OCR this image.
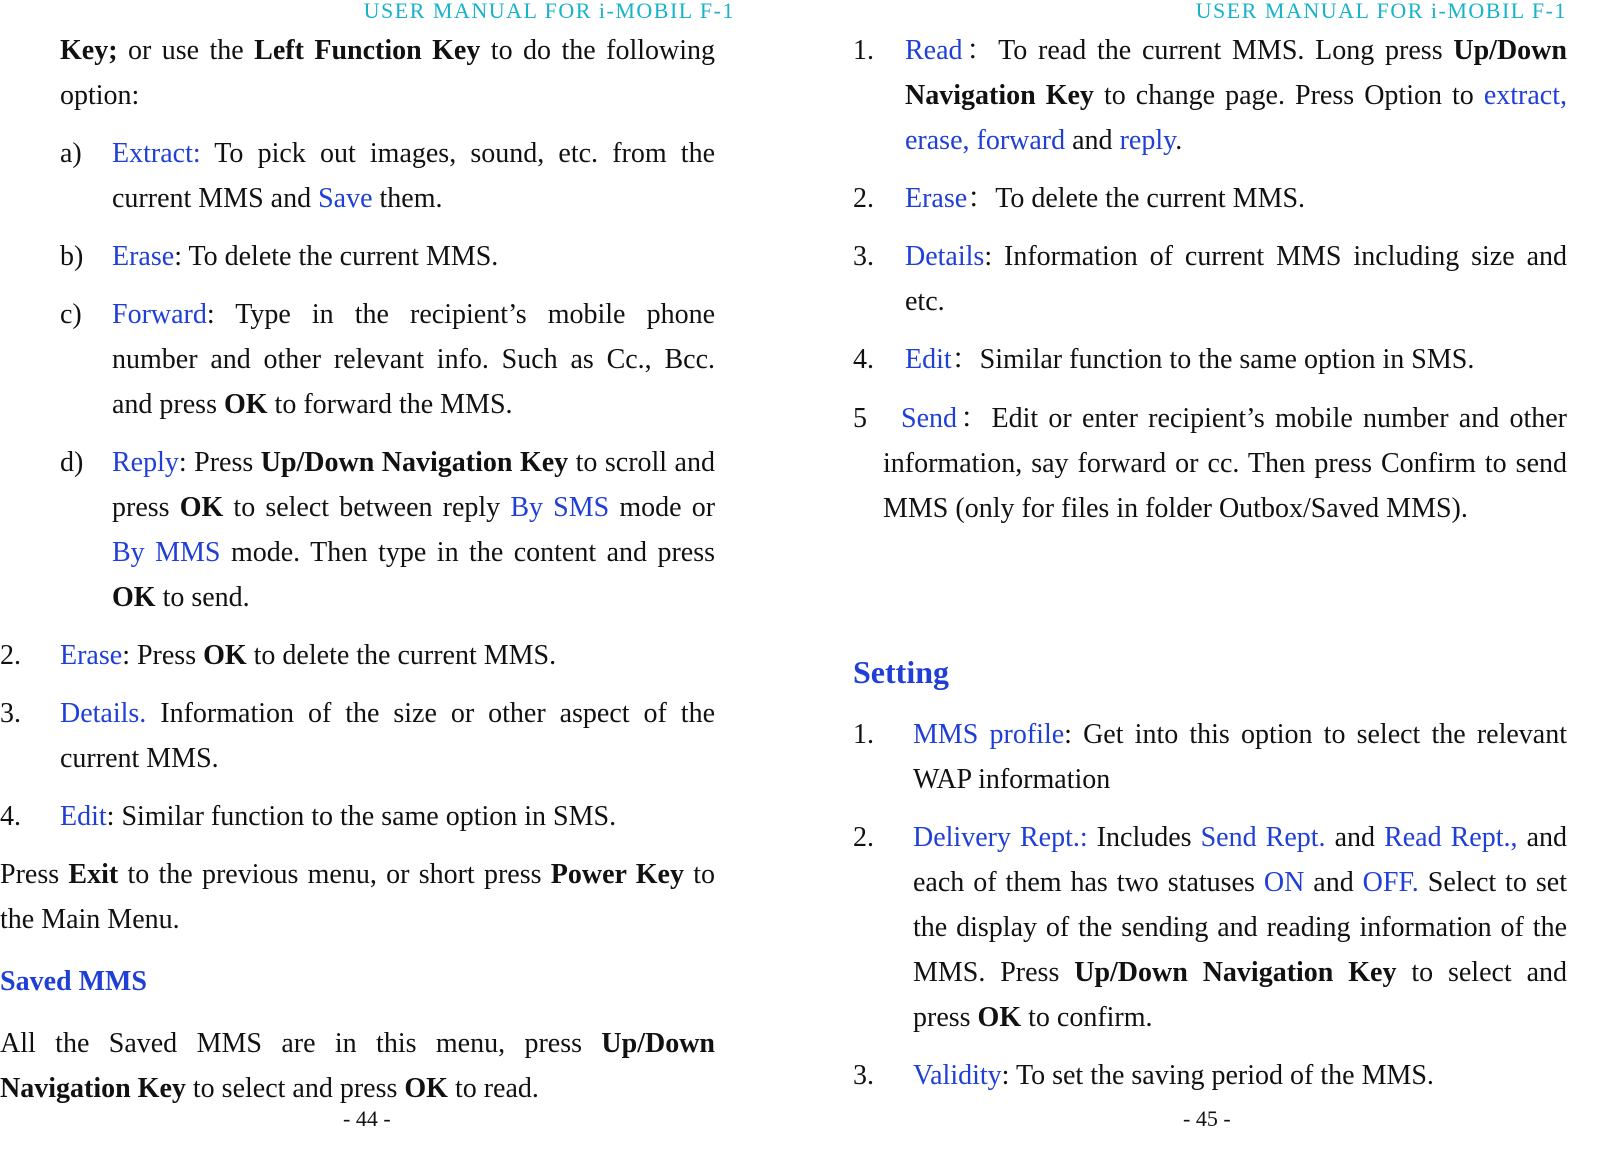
USER MANUAL FOR i-MOBIL F-1
Key; or use the Left Function Key to do the following option:
a) Extract: To pick out images, sound, etc. from the current MMS and Save them.
b) Erase: To delete the current MMS.
c) Forward: Type in the recipient’s mobile phone number and other relevant info. Such as Cc., Bcc. and press OK to forward the MMS.
d) Reply: Press Up/Down Navigation Key to scroll and press OK to select between reply By SMS mode or By MMS mode. Then type in the content and press OK to send.
2. Erase: Press OK to delete the current MMS.
3. Details. Information of the size or other aspect of the current MMS.
4. Edit: Similar function to the same option in SMS.
Press Exit to the previous menu, or short press Power Key to the Main Menu.
Saved MMS
All the Saved MMS are in this menu, press Up/Down Navigation Key to select and press OK to read.
- 44 -
USER MANUAL FOR i-MOBIL F-1
1. Read：To read the current MMS. Long press Up/Down Navigation Key to change page. Press Option to extract, erase, forward and reply.
2. Erase：To delete the current MMS.
3. Details: Information of current MMS including size and etc.
4. Edit：Similar function to the same option in SMS.
5	Send：Edit or enter recipient’s mobile number and other information, say forward or cc. Then press Confirm to send MMS (only for files in folder Outbox/Saved MMS).
Setting
1. MMS profile: Get into this option to select the relevant WAP information
2. Delivery Rept.: Includes Send Rept. and Read Rept., and each of them has two statuses ON and OFF. Select to set the display of the sending and reading information of the MMS. Press Up/Down Navigation Key to select and press OK to confirm.
3. Validity: To set the saving period of the MMS.
- 45 -
